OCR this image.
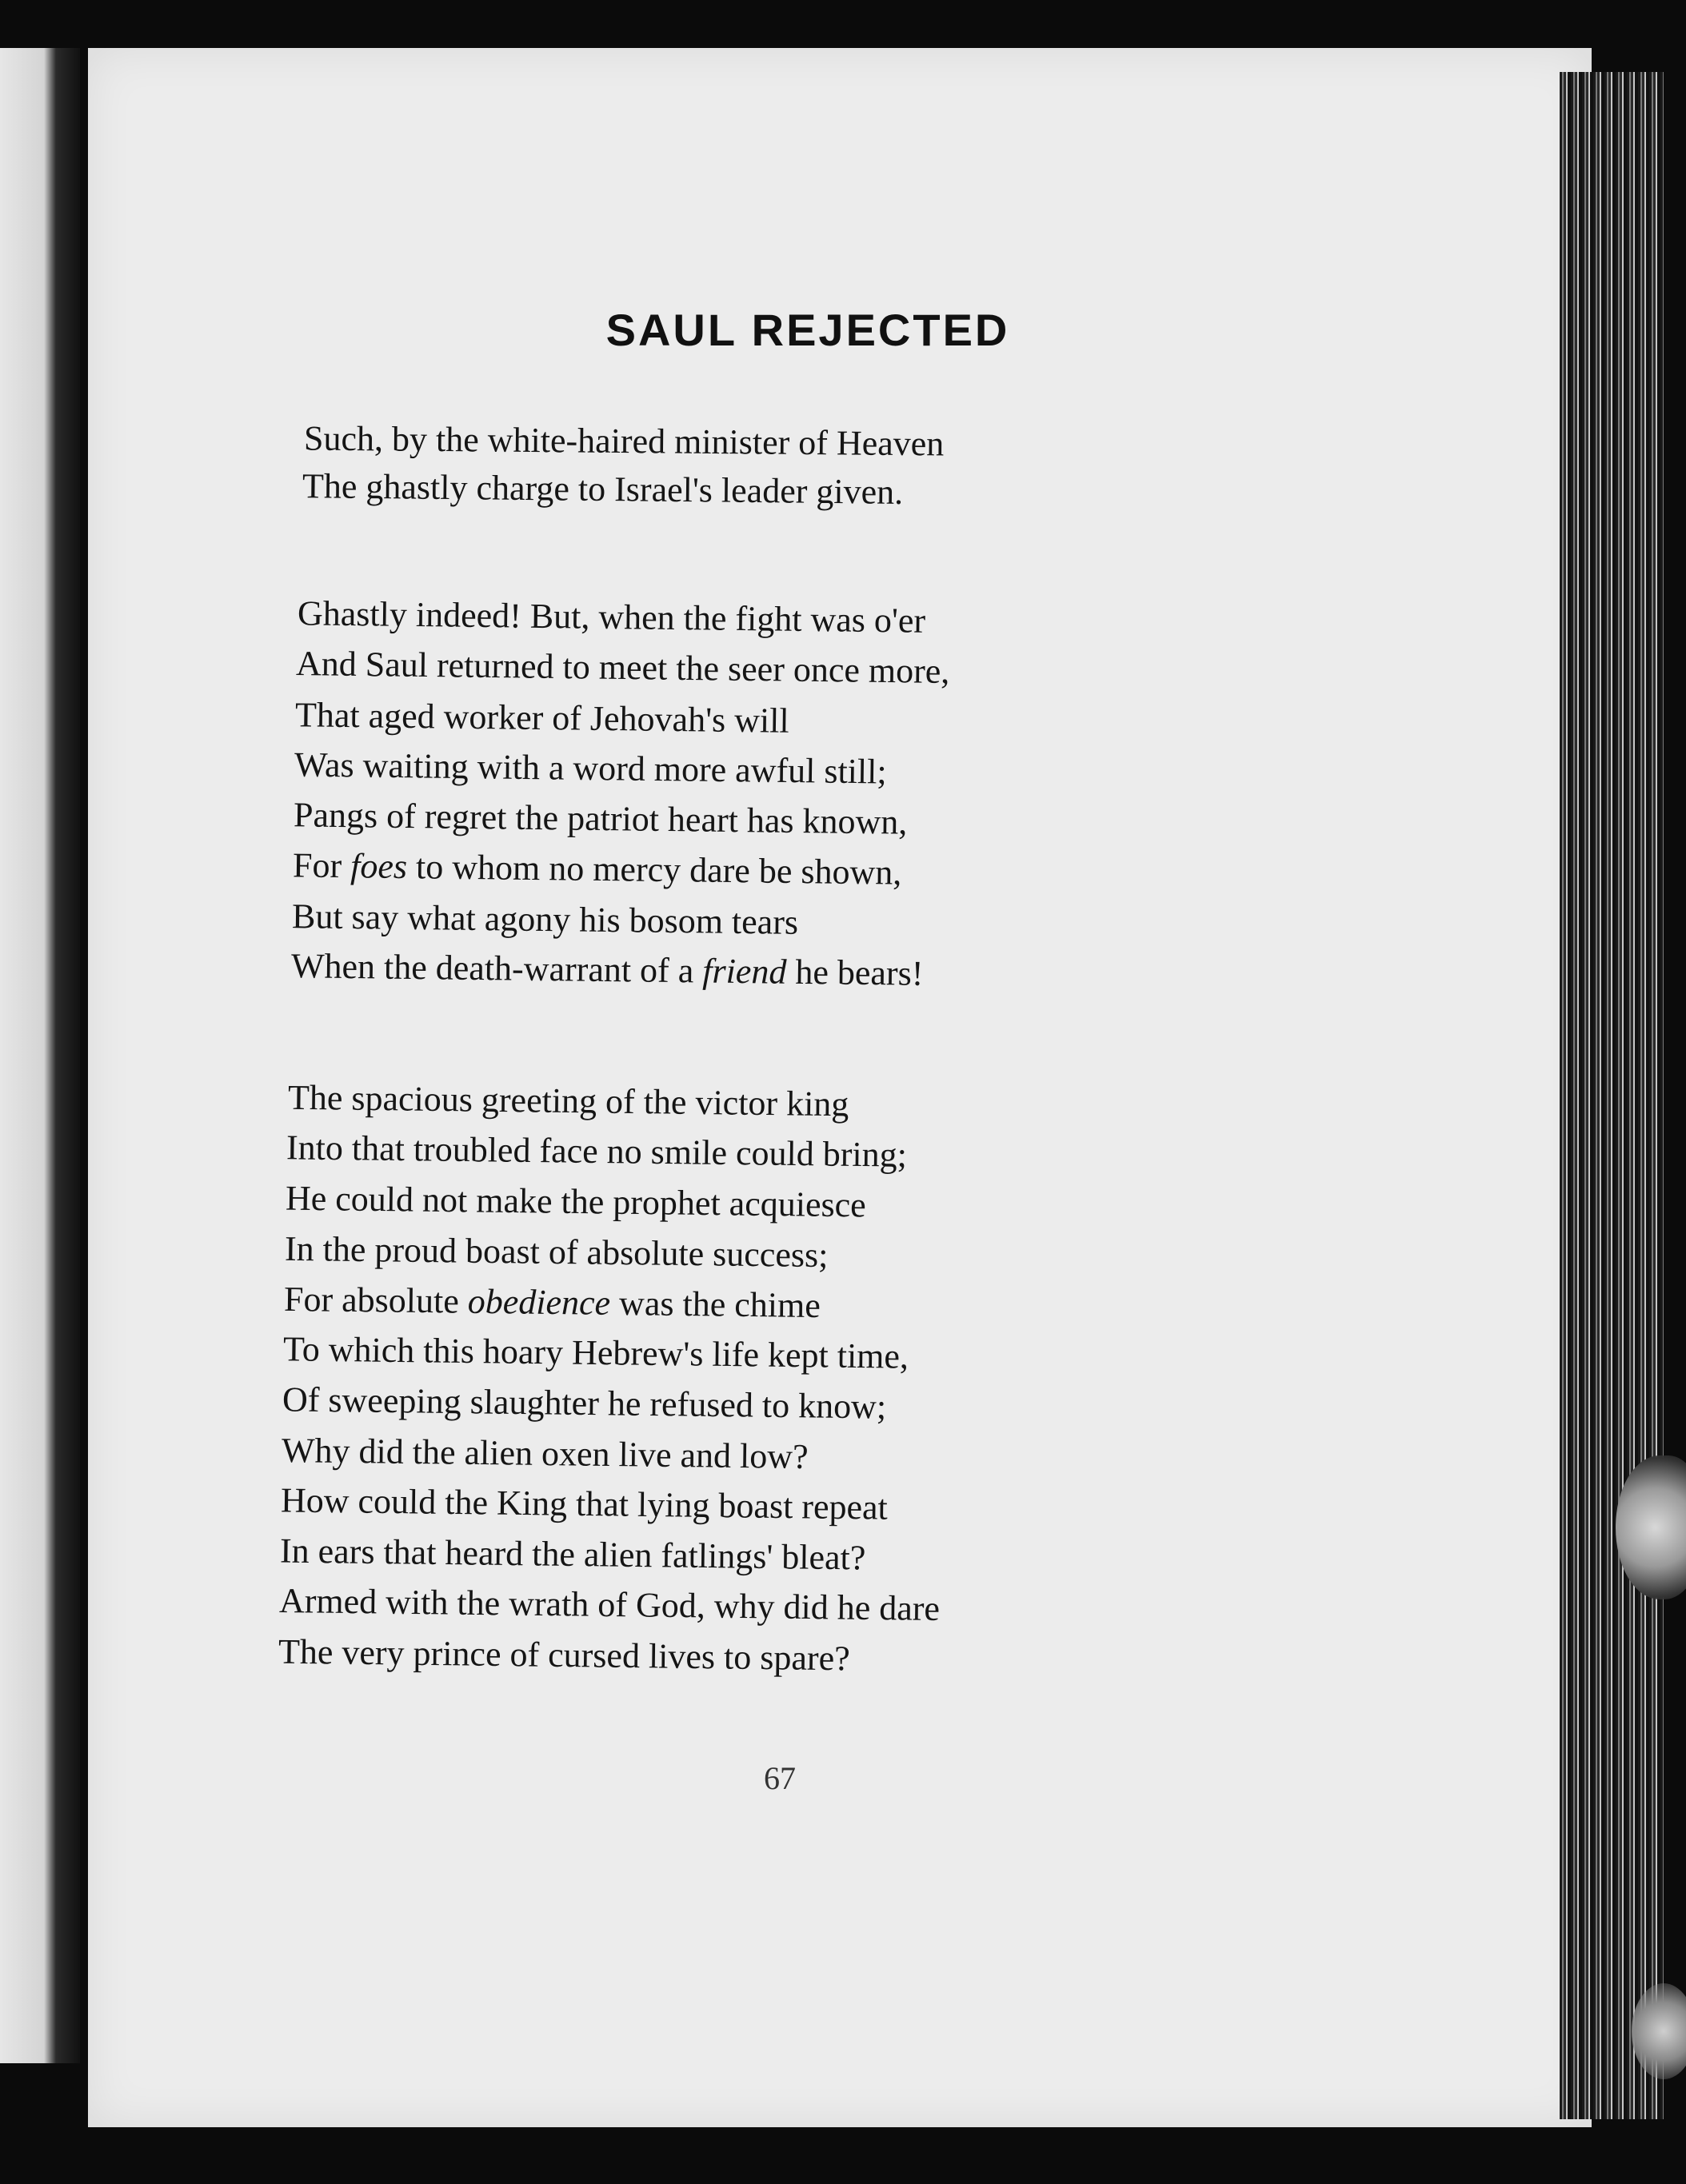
SAUL REJECTED
Such, by the white-haired minister of Heaven
The ghastly charge to Israel's leader given.
Ghastly indeed! But, when the fight was o'er
And Saul returned to meet the seer once more,
That aged worker of Jehovah's will
Was waiting with a word more awful still;
Pangs of regret the patriot heart has known,
For foes to whom no mercy dare be shown,
But say what agony his bosom tears
When the death-warrant of a friend he bears!
The spacious greeting of the victor king
Into that troubled face no smile could bring;
He could not make the prophet acquiesce
In the proud boast of absolute success;
For absolute obedience was the chime
To which this hoary Hebrew's life kept time,
Of sweeping slaughter he refused to know;
Why did the alien oxen live and low?
How could the King that lying boast repeat
In ears that heard the alien fatlings' bleat?
Armed with the wrath of God, why did he dare
The very prince of cursed lives to spare?
67
